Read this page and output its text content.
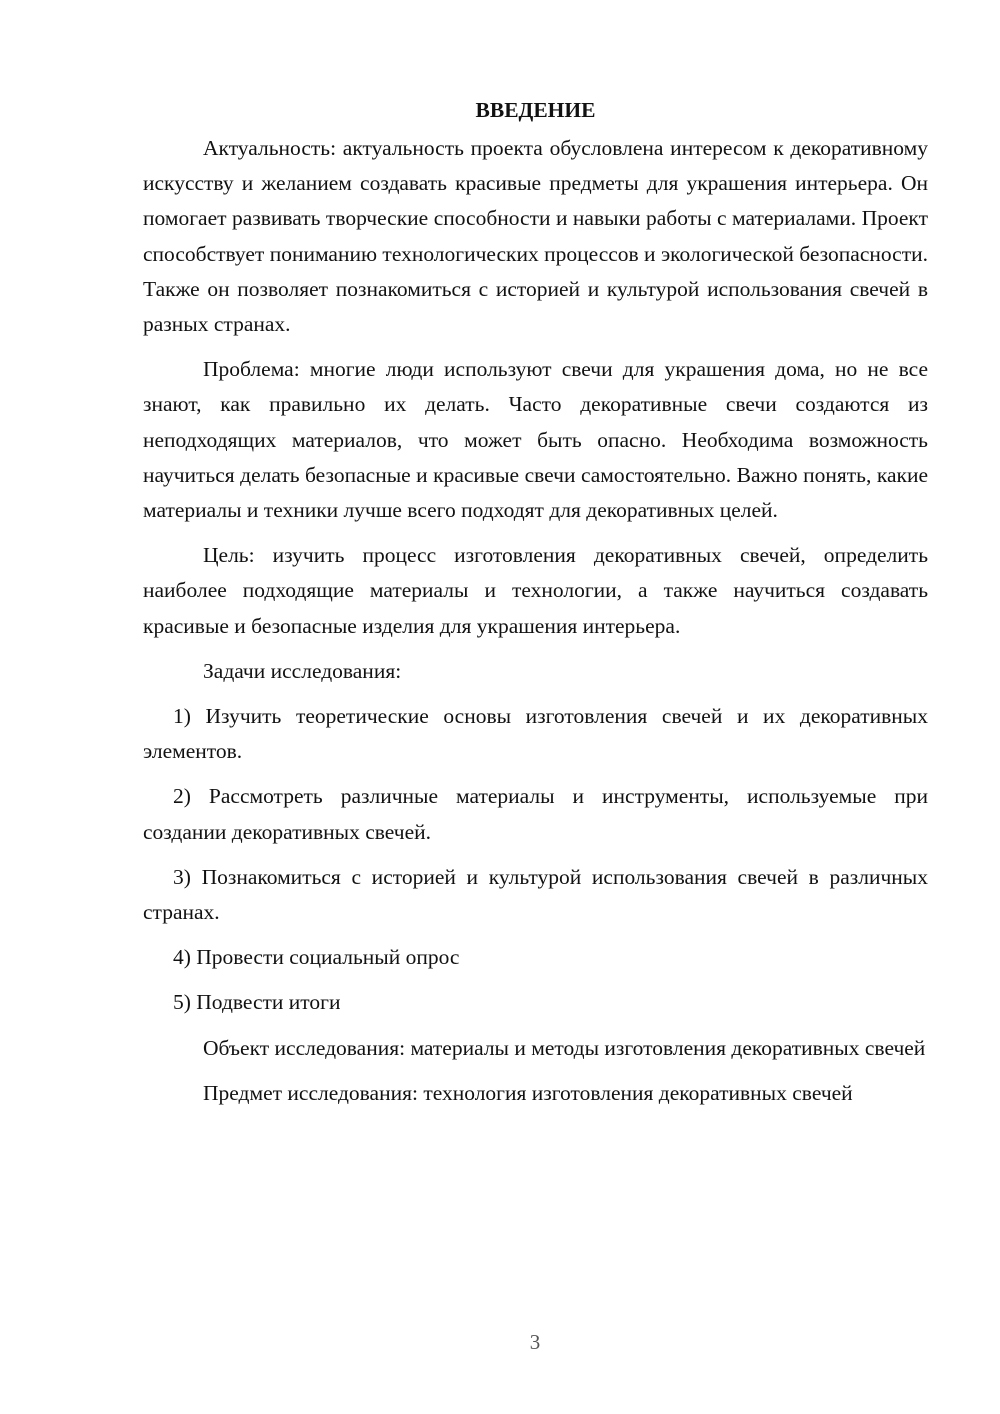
ВВЕДЕНИЕ

Актуальность: актуальность проекта обусловлена интересом к декоративному искусству и желанием создавать красивые предметы для украшения интерьера. Он помогает развивать творческие способности и навыки работы с материалами. Проект способствует пониманию технологических процессов и экологической безопасности. Также он позволяет познакомиться с историей и культурой использования свечей в разных странах.

Проблема: многие люди используют свечи для украшения дома, но не все знают, как правильно их делать. Часто декоративные свечи создаются из неподходящих материалов, что может быть опасно. Необходима возможность научиться делать безопасные и красивые свечи самостоятельно. Важно понять, какие материалы и техники лучше всего подходят для декоративных целей.

Цель: изучить процесс изготовления декоративных свечей, определить наиболее подходящие материалы и технологии, а также научиться создавать красивые и безопасные изделия для украшения интерьера.

Задачи исследования:

1) Изучить теоретические основы изготовления свечей и их декоративных элементов.

2) Рассмотреть различные материалы и инструменты, используемые при создании декоративных свечей.

3) Познакомиться с историей и культурой использования свечей в различных странах.

4) Провести социальный опрос

5) Подвести итоги

Объект исследования: материалы и методы изготовления декоративных свечей

Предмет исследования: технология изготовления декоративных свечей

3
